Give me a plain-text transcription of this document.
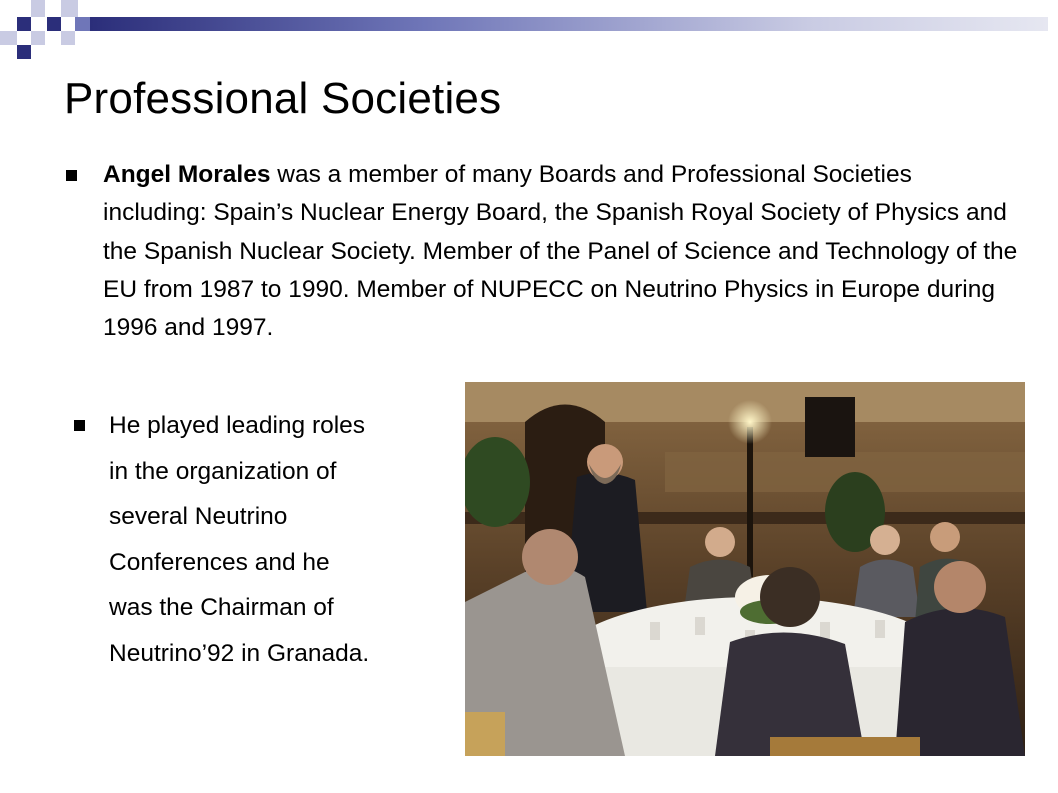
Professional Societies
Angel Morales was a member of many Boards and Professional Societies including: Spain’s Nuclear Energy Board, the Spanish Royal Society of Physics and the Spanish Nuclear Society. Member of the Panel of Science and Technology of the EU from 1987 to 1990. Member of NUPECC on Neutrino Physics in Europe during 1996 and 1997.
He played leading roles
in the organization of
several Neutrino
Conferences and he
was the Chairman of
Neutrino’92 in Granada.
